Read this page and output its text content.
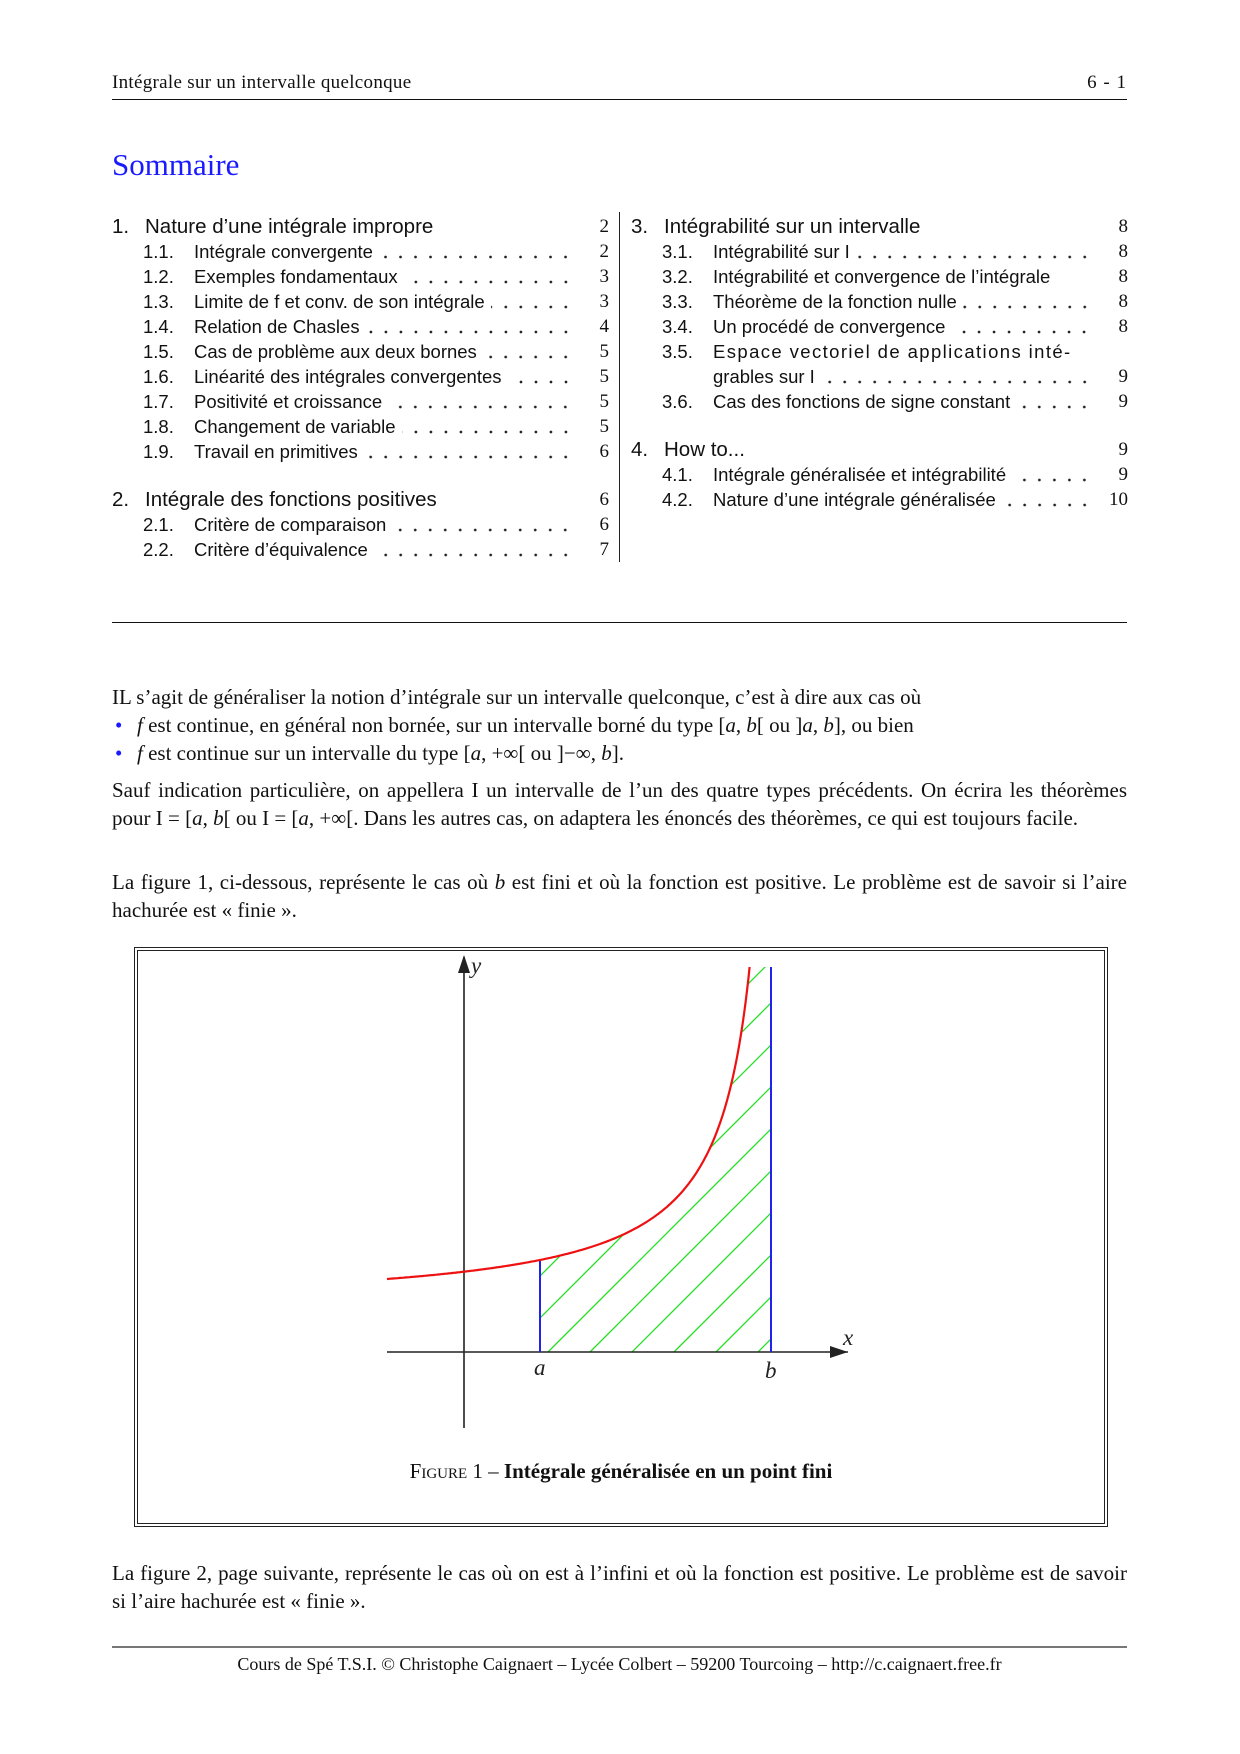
Intégrale sur un intervalle quelconque	6 - 1
Sommaire
1. Nature d’une intégrale impropre	2
1.1.	Intégrale convergente	2
1.2.	Exemples fondamentaux	3
1.3.	Limite de f et conv. de son intégrale	3
1.4.	Relation de Chasles	4
1.5.	Cas de problème aux deux bornes	5
1.6.	Linéarité des intégrales convergentes	5
1.7.	Positivité et croissance	5
1.8.	Changement de variable	5
1.9.	Travail en primitives	6
2. Intégrale des fonctions positives	6
2.1.	Critère de comparaison	6
2.2.	Critère d’équivalence	7
3. Intégrabilité sur un intervalle	8
3.1.	Intégrabilité sur I	8
3.2.	Intégrabilité et convergence de l’intégrale	8
3.3.	Théorème de la fonction nulle	8
3.4.	Un procédé de convergence	8
3.5.	Espace vectoriel de applications inté-
grables sur I	9
3.6.	Cas des fonctions de signe constant	9
4. How to...	9
4.1.	Intégrale généralisée et intégrabilité	9
4.2.	Nature d’une intégrale généralisée	10
IL s’agit de généraliser la notion d’intégrale sur un intervalle quelconque, c’est à dire aux cas où
• f est continue, en général non bornée, sur un intervalle borné du type [a, b[ ou ]a, b], ou bien
• f est continue sur un intervalle du type [a, +∞[ ou ]−∞, b].
Sauf indication particulière, on appellera I un intervalle de l’un des quatre types précédents. On écrira les théorèmes pour I = [a, b[ ou I = [a, +∞[. Dans les autres cas, on adaptera les énoncés des théorèmes, ce qui est toujours facile.
La figure 1, ci-dessous, représente le cas où b est fini et où la fonction est positive. Le problème est de savoir si l’aire hachurée est « finie ».
y
x
a	b
Figure 1 – Intégrale généralisée en un point fini
La figure 2, page suivante, représente le cas où on est à l’infini et où la fonction est positive. Le problème est de savoir si l’aire hachurée est « finie ».
Cours de Spé T.S.I. © Christophe Caignaert – Lycée Colbert – 59200 Tourcoing – http://c.caignaert.free.fr
